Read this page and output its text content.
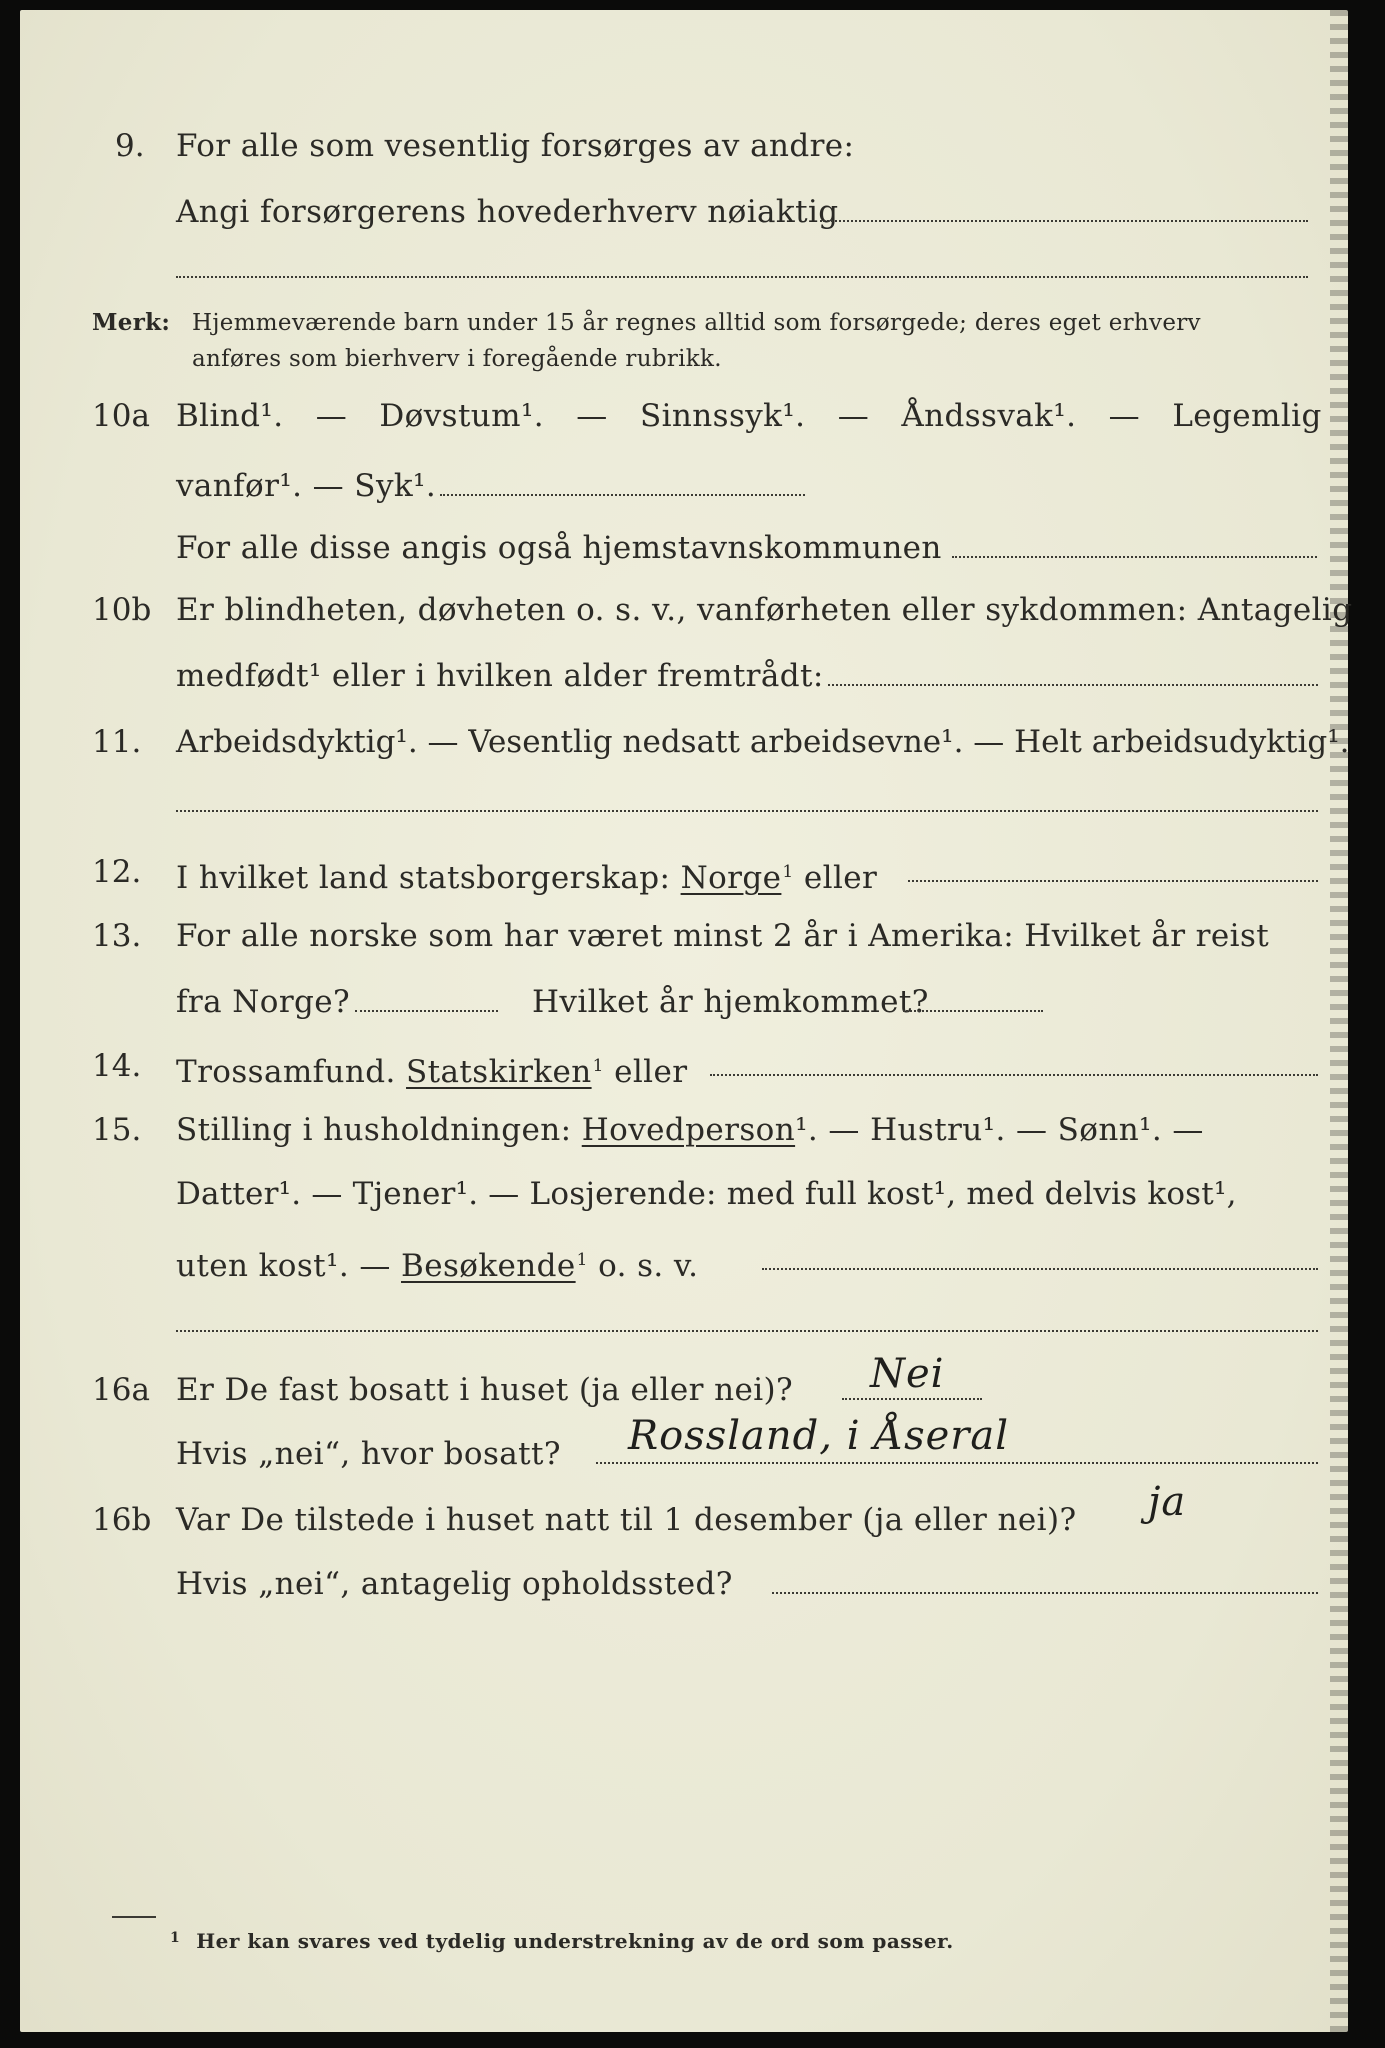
9. For alle som vesentlig forsørges av andre:
Angi forsørgerens hovederhverv nøiaktig
Merk: Hjemmeværende barn under 15 år regnes alltid som forsørgede; deres eget erhverv
anføres som bierhverv i foregående rubrikk.
10a Blind¹. — Døvstum¹. — Sinnssyk¹. — Åndssvak¹. — Legemlig
vanfør¹. — Syk¹.
For alle disse angis også hjemstavnskommunen
10b Er blindheten, døvheten o. s. v., vanførheten eller sykdommen: Antagelig
medfødt¹ eller i hvilken alder fremtrådt:
11. Arbeidsdyktig¹. — Vesentlig nedsatt arbeidsevne¹. — Helt arbeidsudyktig¹.
12. I hvilket land statsborgerskap: Norge$^1$ eller
13. For alle norske som har været minst 2 år i Amerika: Hvilket år reist
fra Norge?	Hvilket år hjemkommet?
14. Trossamfund. Statskirken$^1$ eller
15. Stilling i husholdningen: Hovedperson¹. — Hustru¹. — Sønn¹. —
Datter¹. — Tjener¹. — Losjerende: med full kost¹, med delvis kost¹,
uten kost¹. — Besøkende$^1$ o. s. v.
16a Er De fast bosatt i huset (ja eller nei)? Nei
Hvis „nei“, hvor bosatt? Rossland, i Åseral
16b Var De tilstede i huset natt til 1 desember (ja eller nei)? ja
Hvis „nei“, antagelig opholdssted?
$^1$ Her kan svares ved tydelig understrekning av de ord som passer.
